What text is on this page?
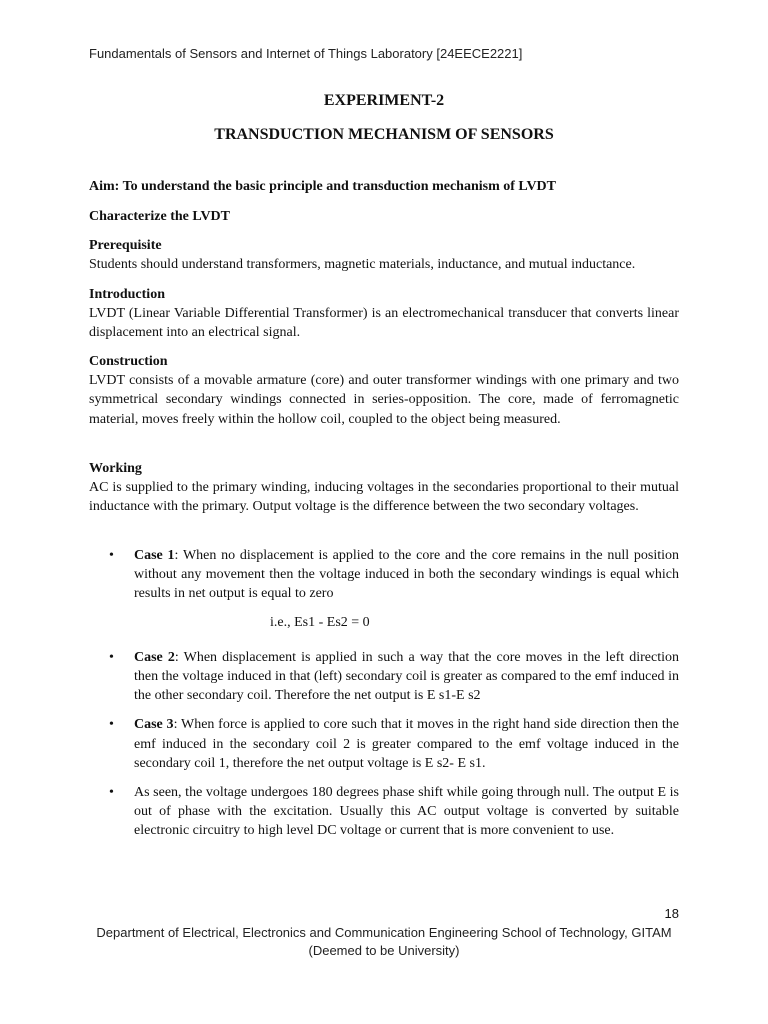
Fundamentals of Sensors and Internet of Things Laboratory [24EECE2221]
EXPERIMENT-2
TRANSDUCTION MECHANISM OF SENSORS
Aim: To understand the basic principle and transduction mechanism of LVDT
Characterize the LVDT
Prerequisite
Students should understand transformers, magnetic materials, inductance, and mutual inductance.
Introduction
LVDT (Linear Variable Differential Transformer) is an electromechanical transducer that converts linear displacement into an electrical signal.
Construction
LVDT consists of a movable armature (core) and outer transformer windings with one primary and two symmetrical secondary windings connected in series-opposition. The core, made of ferromagnetic material, moves freely within the hollow coil, coupled to the object being measured.
Working
AC is supplied to the primary winding, inducing voltages in the secondaries proportional to their mutual inductance with the primary. Output voltage is the difference between the two secondary voltages.
• Case 1: When no displacement is applied to the core and the core remains in the null position without any movement then the voltage induced in both the secondary windings is equal which results in net output is equal to zero
i.e., Es1 - Es2 = 0
• Case 2: When displacement is applied in such a way that the core moves in the left direction then the voltage induced in that (left) secondary coil is greater as compared to the emf induced in the other secondary coil. Therefore the net output is E s1-E s2
• Case 3: When force is applied to core such that it moves in the right hand side direction then the emf induced in the secondary coil 2 is greater compared to the emf voltage induced in the secondary coil 1, therefore the net output voltage is E s2- E s1.
• As seen, the voltage undergoes 180 degrees phase shift while going through null. The output E is out of phase with the excitation. Usually this AC output voltage is converted by suitable electronic circuitry to high level DC voltage or current that is more convenient to use.
18
Department of Electrical, Electronics and Communication Engineering School of Technology, GITAM
(Deemed to be University)
